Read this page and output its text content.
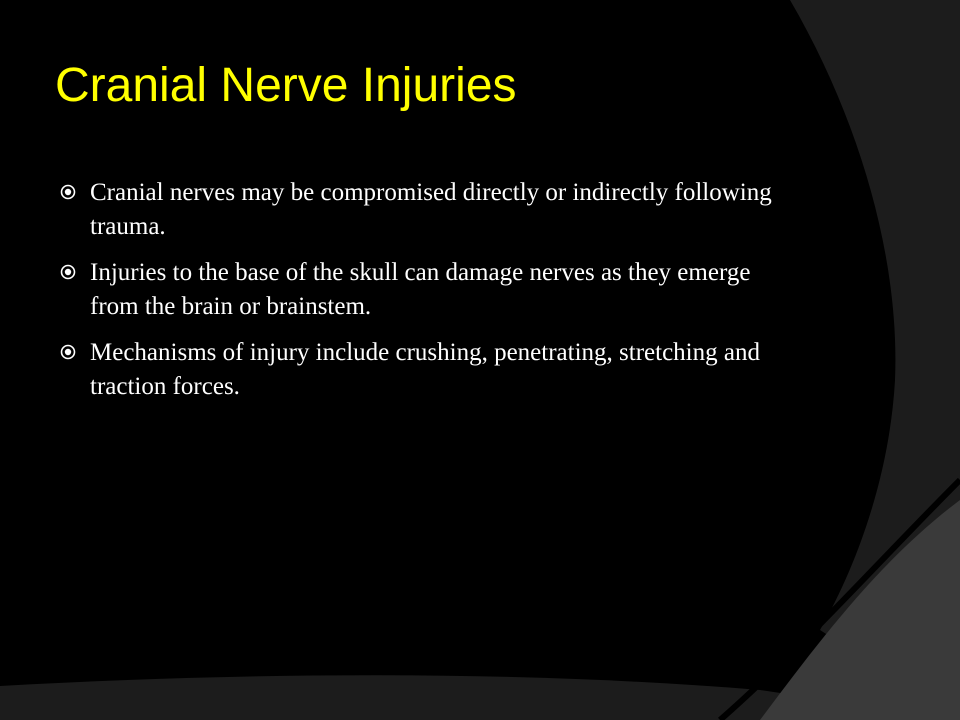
Cranial Nerve Injuries
Cranial nerves may be compromised directly or indirectly following trauma.
Injuries to the base of the skull can damage nerves as they emerge from the brain or brainstem.
Mechanisms of injury include crushing, penetrating, stretching and traction forces.
